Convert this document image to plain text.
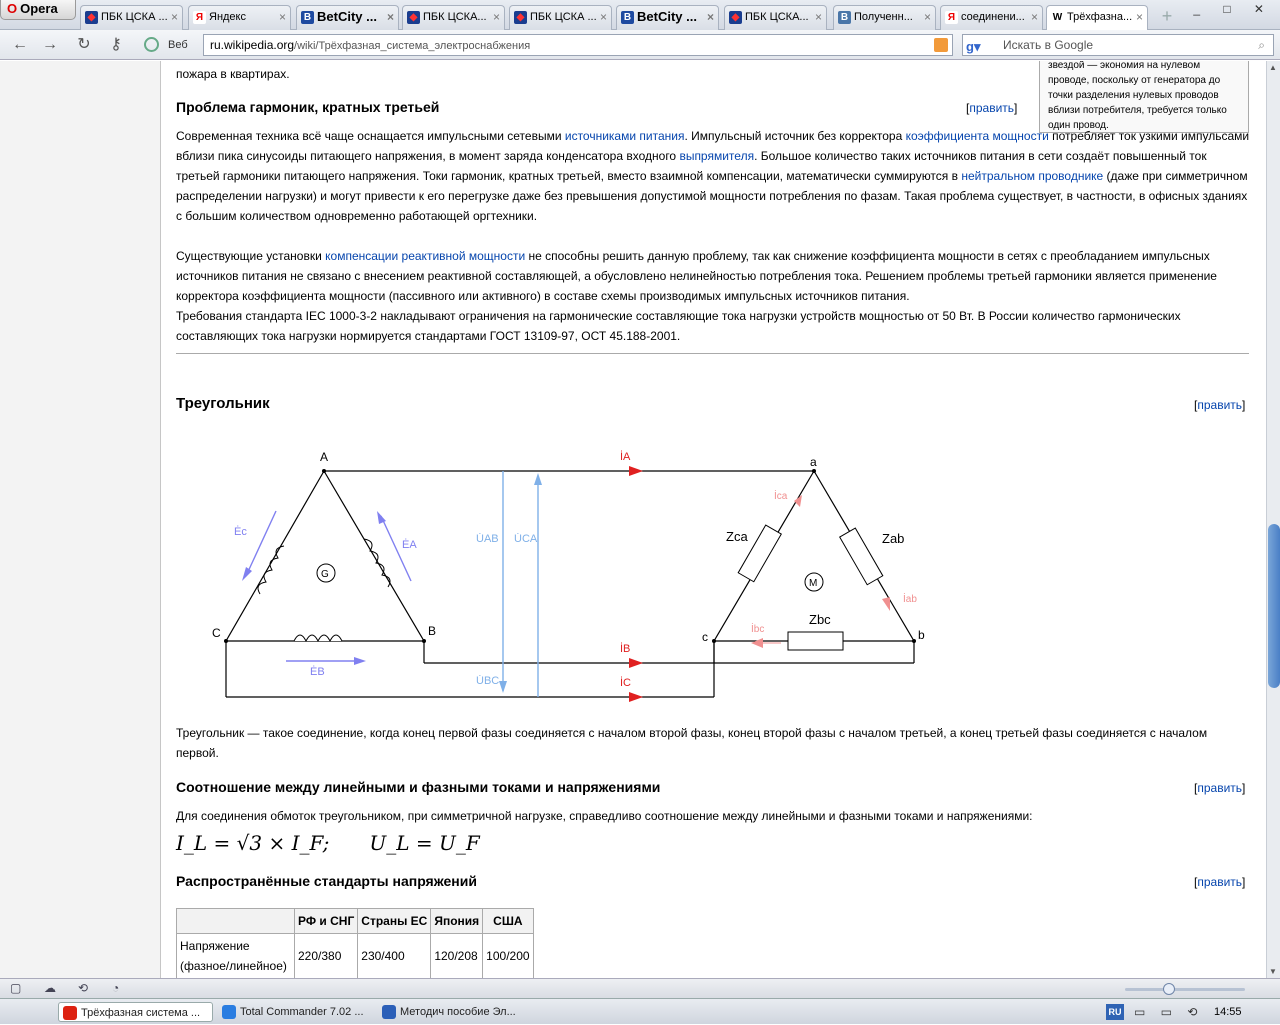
O Opera
◆ ПБК ЦСКА ... × Я Яндекс	× B BetCity ... × ◆ ПБК ЦСКА... × ◆ ПБК ЦСКА ... × B BetCity ... × ◆ ПБК ЦСКА... × B Полученн... × Я соединени... × W Трёхфазна... ×	+	_ □ ✕
← →	↻	⚷	Веб	ru.wikipedia.org/wiki/Трёхфазная_система_электроснабжения	g▾ Искать в Google	⌕
пожара в квартирах.
звездой — экономия на нулевом проводе, поскольку от генератора до точки разделения нулевых проводов вблизи потребителя, требуется только один провод.
Проблема гармоник, кратных третьей	[править]
Современная техника всё чаще оснащается импульсными сетевыми источниками питания. Импульсный источник без корректора коэффициента мощности потребляет ток узкими импульсами вблизи пика синусоиды питающего напряжения, в момент заряда конденсатора входного выпрямителя. Большое количество таких источников питания в сети создаёт повышенный ток третьей гармоники питающего напряжения. Токи гармоник, кратных третьей, вместо взаимной компенсации, математически суммируются в нейтральном проводнике (даже при симметричном распределении нагрузки) и могут привести к его перегрузке даже без превышения допустимой мощности потребления по фазам. Такая проблема существует, в частности, в офисных зданиях с большим количеством одновременно работающей оргтехники.
Существующие установки компенсации реактивной мощности не способны решить данную проблему, так как снижение коэффициента мощности в сетях с преобладанием импульсных источников питания не связано с внесением реактивной составляющей, а обусловлено нелинейностью потребления тока. Решением проблемы третьей гармоники является применение корректора коэффициента мощности (пассивного или активного) в составе схемы производимых импульсных источников питания.
Требования стандарта IEC 1000-3-2 накладывают ограничения на гармонические составляющие тока нагрузки устройств мощностью от 50 Вт. В России количество гармонических составляющих тока нагрузки нормируется стандартами ГОСТ 13109-97, ОСТ 45.188-2001.
Треугольник	[править]
A
C	B
a
c	b
G
M
Zca	Zab
Zbc
Ėc
ĖA
ĖB
U̇AB U̇CA
U̇BC
İA
İB
İC
İca
İab
İbc
Треугольник — такое соединение, когда конец первой фазы соединяется с началом второй фазы, конец второй фазы с началом третьей, а конец третьей фазы соединяется с началом первой.
Соотношение между линейными и фазными токами и напряжениями	[править]
Для соединения обмоток треугольником, при симметричной нагрузке, справедливо соотношение между линейными и фазными токами и напряжениями:
I_L = √3 × I_F; U_L = U_F
Распространённые стандарты напряжений	[править]
	РФ и СНГ	Страны ЕС	Япония	США
Напряжение (фазное/линейное)	220/380	230/400	120/208	100/200
▲
▼
▢ ☁ ⟲	◔
Трёхфазная система ...	Total Commander 7.02 ...	Методич пособие Эл...	RU ▭ ▭ ⟲ 14:55
